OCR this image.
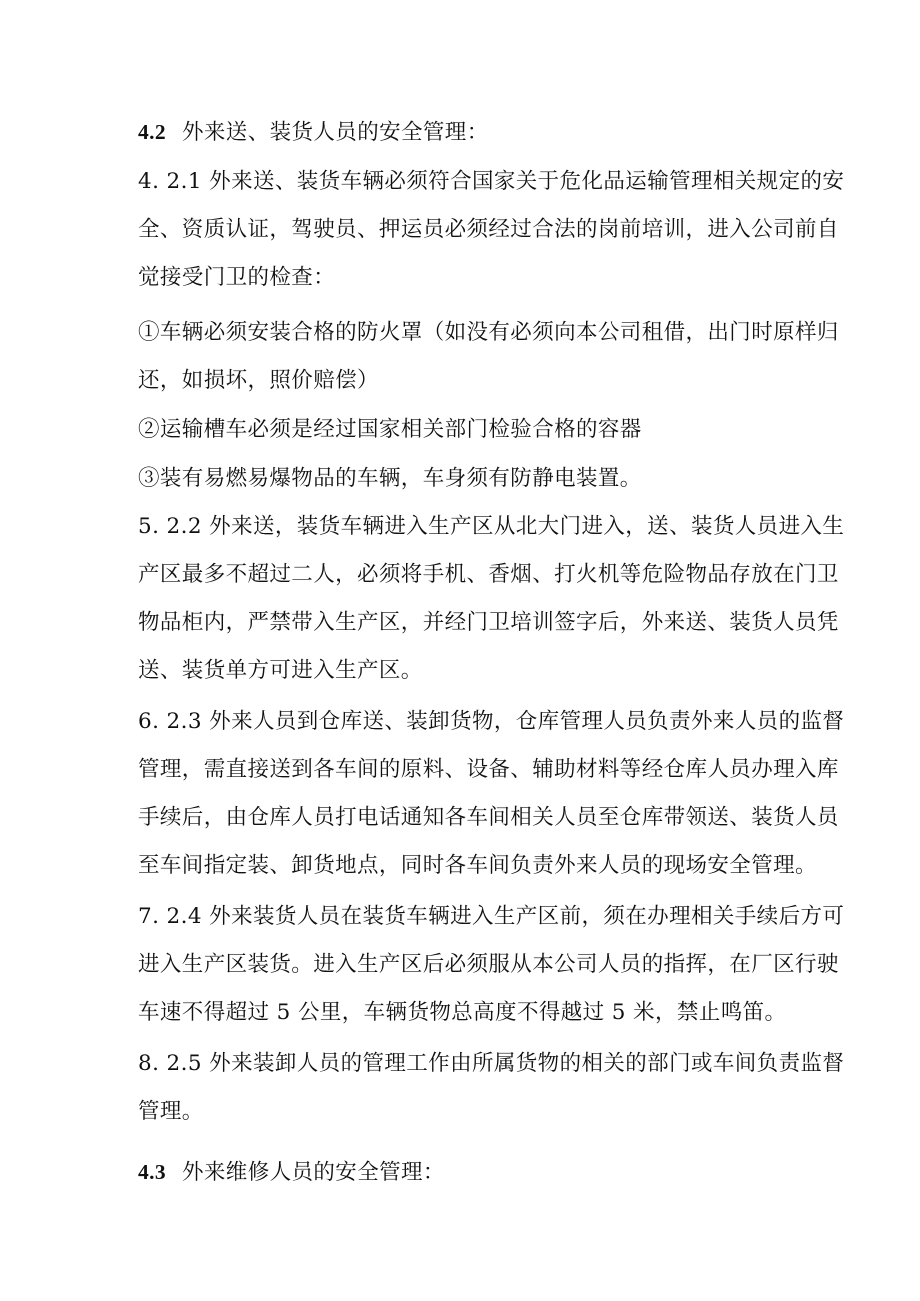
4.2 外来送、装货人员的安全管理：
4. 2.1 外来送、装货车辆必须符合国家关于危化品运输管理相关规定的安
全、资质认证，驾驶员、押运员必须经过合法的岗前培训，进入公司前自
觉接受门卫的检查：
①车辆必须安装合格的防火罩（如没有必须向本公司租借，出门时原样归
还，如损坏，照价赔偿）
②运输槽车必须是经过国家相关部门检验合格的容器
③装有易燃易爆物品的车辆，车身须有防静电装置。
5. 2.2 外来送，装货车辆进入生产区从北大门进入，送、装货人员进入生
产区最多不超过二人，必须将手机、香烟、打火机等危险物品存放在门卫
物品柜内，严禁带入生产区，并经门卫培训签字后，外来送、装货人员凭
送、装货单方可进入生产区。
6. 2.3 外来人员到仓库送、装卸货物，仓库管理人员负责外来人员的监督
管理，需直接送到各车间的原料、设备、辅助材料等经仓库人员办理入库
手续后，由仓库人员打电话通知各车间相关人员至仓库带领送、装货人员
至车间指定装、卸货地点，同时各车间负责外来人员的现场安全管理。
7. 2.4 外来装货人员在装货车辆进入生产区前，须在办理相关手续后方可
进入生产区装货。进入生产区后必须服从本公司人员的指挥，在厂区行驶
车速不得超过 5 公里，车辆货物总高度不得越过 5 米，禁止鸣笛。
8. 2.5 外来装卸人员的管理工作由所属货物的相关的部门或车间负责监督
管理。
4.3 外来维修人员的安全管理：
